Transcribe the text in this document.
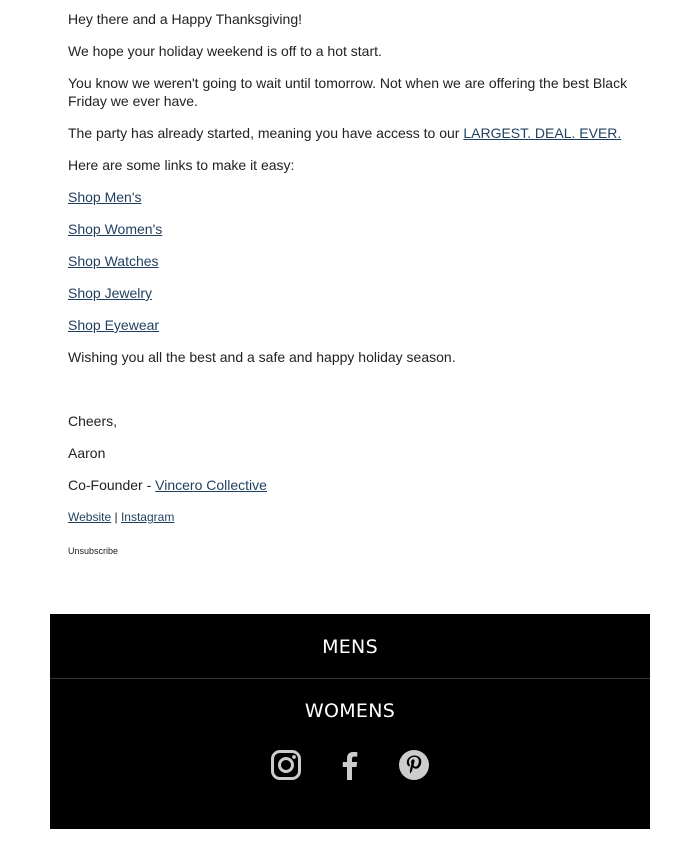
Hey there and a Happy Thanksgiving!

We hope your holiday weekend is off to a hot start.

You know we weren't going to wait until tomorrow. Not when we are offering the best Black Friday we ever have.

The party has already started, meaning you have access to our LARGEST. DEAL. EVER.

Here are some links to make it easy:

Shop Men's

Shop Women's

Shop Watches

Shop Jewelry

Shop Eyewear

Wishing you all the best and a safe and happy holiday season.

Cheers,

Aaron

Co-Founder - Vincero Collective

Website | Instagram

Unsubscribe

MENS
WOMENS
